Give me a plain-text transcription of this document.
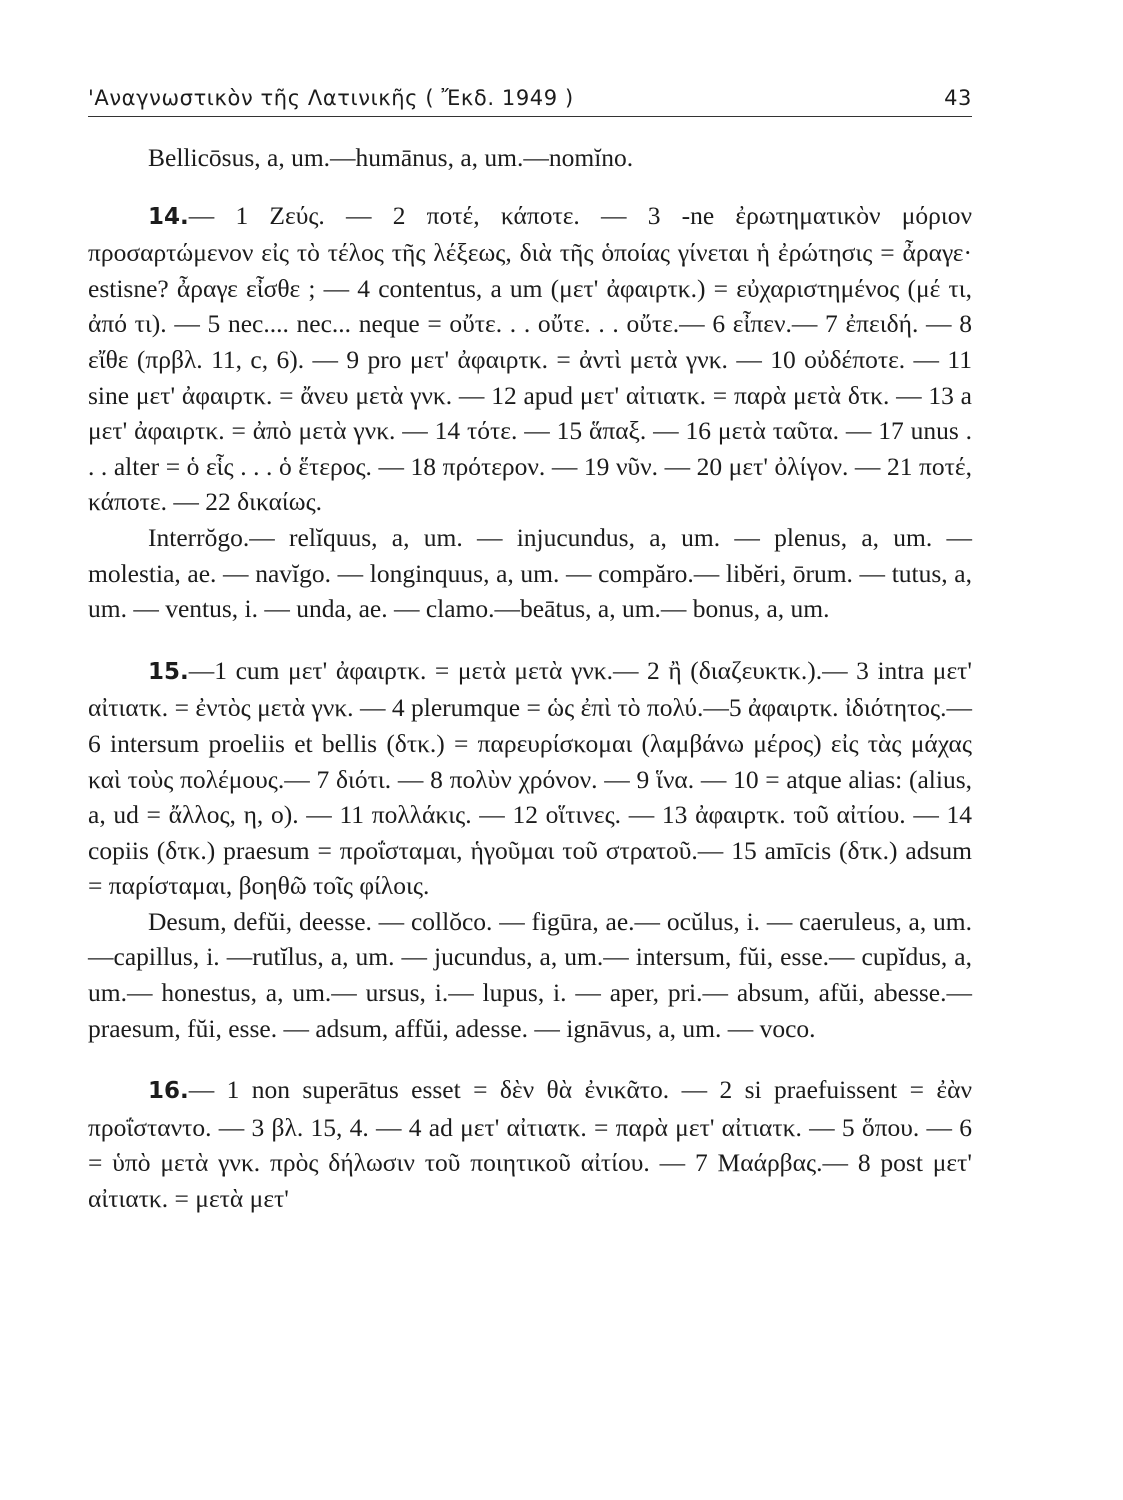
'Αναγνωστικὸν τῆς Λατινικῆς ( Ἔκδ. 1949 )	43

Bellicōsus, a, um.—humānus, a, um.—nomĭno.

14.— 1 Ζεύς. — 2 ποτέ, κάποτε. — 3 -ne ἐρωτηματικὸν μόριον προσαρτώμενον εἰς τὸ τέλος τῆς λέξεως, διὰ τῆς ὁποίας γίνεται ἡ ἐρώτησις = ἆραγε· estisne? ἆραγε εἶσθε ; — 4 contentus, a um (μετ' ἀφαιρτκ.) = εὐχαριστημένος (μέ τι, ἀπό τι). — 5 nec.... nec... neque = οὔτε. . . οὔτε. . . οὔτε.— 6 εἶπεν.— 7 ἐπειδή. — 8 εἴθε (πρβλ. 11, c, 6). — 9 pro μετ' ἀφαιρτκ. = ἀντὶ μετὰ γνκ. — 10 οὐδέποτε. — 11 sine μετ' ἀφαιρτκ. = ἄνευ μετὰ γνκ. — 12 apud μετ' αἰτιατκ. = παρὰ μετὰ δτκ. — 13 a μετ' ἀφαιρτκ. = ἀπὸ μετὰ γνκ. — 14 τότε. — 15 ἅπαξ. — 16 μετὰ ταῦτα. — 17 unus . . . alter = ὁ εἷς . . . ὁ ἕτερος. — 18 πρότερον. — 19 νῦν. — 20 μετ' ὀλίγον. — 21 ποτέ, κάποτε. — 22 δικαίως.

Interrŏgo.— relĭquus, a, um. — injucundus, a, um. — plenus, a, um. — molestia, ae. — navĭgo. — longinquus, a, um. — compăro.— libĕri, ōrum. — tutus, a, um. — ventus, i. — unda, ae. — clamo.—beātus, a, um.— bonus, a, um.

15.—1 cum μετ' ἀφαιρτκ. = μετὰ μετὰ γνκ.— 2 ἢ (διαζευκτκ.).— 3 intra μετ' αἰτιατκ. = ἐντὸς μετὰ γνκ. — 4 plerumque = ὡς ἐπὶ τὸ πολύ.—5 ἀφαιρτκ. ἰδιότητος.—6 intersum proeliis et bellis (δτκ.) = παρευρίσκομαι (λαμβάνω μέρος) εἰς τὰς μάχας καὶ τοὺς πολέμους.— 7 διότι. — 8 πολὺν χρόνον. — 9 ἵνα. — 10 = atque alias: (alius, a, ud = ἄλλος, η, ο). — 11 πολλάκις. — 12 οἵτινες. — 13 ἀφαιρτκ. τοῦ αἰτίου. — 14 copiis (δτκ.) praesum = προΐσταμαι, ἡγοῦμαι τοῦ στρατοῦ.— 15 amīcis (δτκ.) adsum = παρίσταμαι, βοηθῶ τοῖς φίλοις.

Desum, defŭi, deesse. — collŏco. — figūra, ae.— ocŭlus, i. — caeruleus, a, um. —capillus, i. —rutĭlus, a, um. — jucundus, a, um.— intersum, fŭi, esse.— cupĭdus, a, um.— honestus, a, um.— ursus, i.— lupus, i. — aper, pri.— absum, afŭi, abesse.— praesum, fŭi, esse. — adsum, affŭi, adesse. — ignāvus, a, um. — voco.

16.— 1 non superātus esset = δὲν θὰ ἐνικᾶτο. — 2 si praefuissent = ἐὰν προΐσταντο. — 3 βλ. 15, 4. — 4 ad μετ' αἰτιατκ. = παρὰ μετ' αἰτιατκ. — 5 ὅπου. — 6 = ὑπὸ μετὰ γνκ. πρὸς δήλωσιν τοῦ ποιητικοῦ αἰτίου. — 7 Μαάρβας.— 8 post μετ' αἰτιατκ. = μετὰ μετ'
